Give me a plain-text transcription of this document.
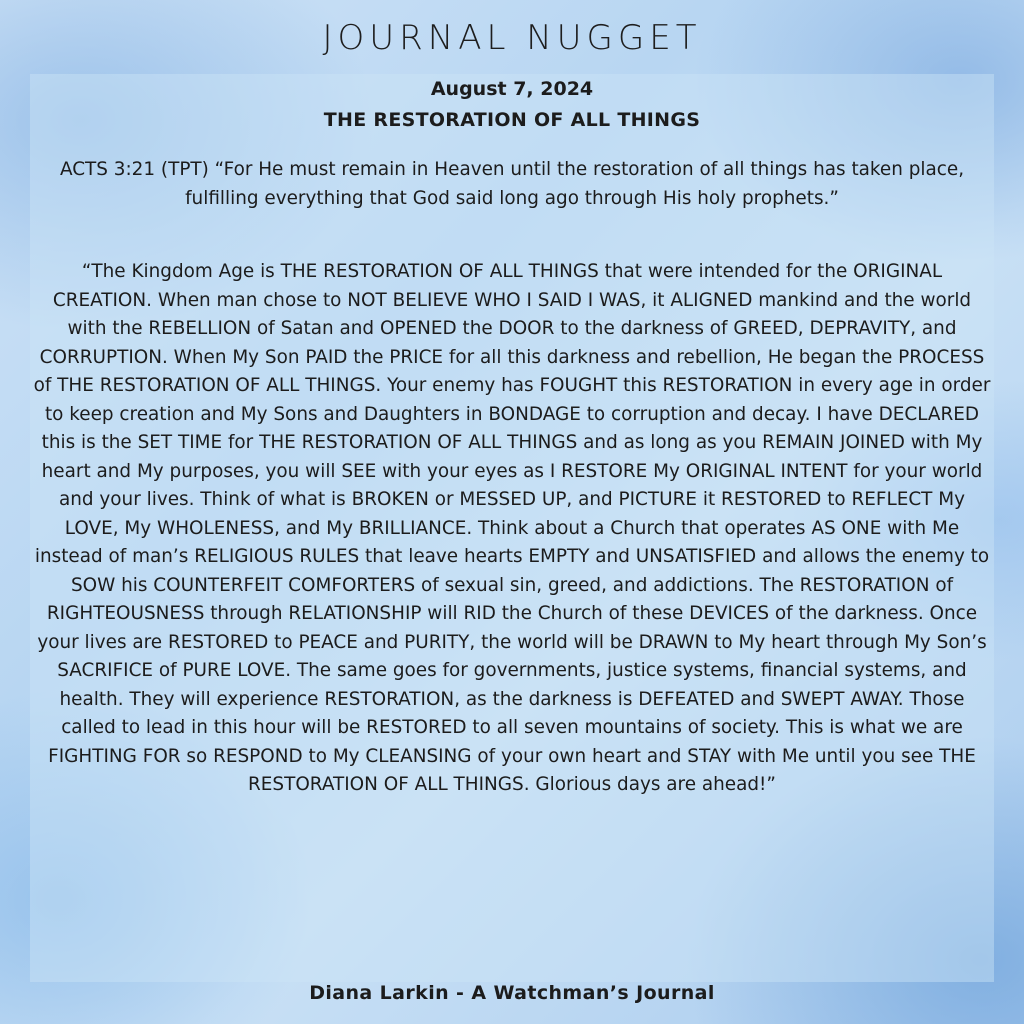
JOURNAL NUGGET

August 7, 2024

THE RESTORATION OF ALL THINGS

ACTS 3:21 (TPT) “For He must remain in Heaven until the restoration of all things has taken place, fulfilling everything that God said long ago through His holy prophets.”

“The Kingdom Age is THE RESTORATION OF ALL THINGS that were intended for the ORIGINAL CREATION. When man chose to NOT BELIEVE WHO I SAID I WAS, it ALIGNED mankind and the world with the REBELLION of Satan and OPENED the DOOR to the darkness of GREED, DEPRAVITY, and CORRUPTION. When My Son PAID the PRICE for all this darkness and rebellion, He began the PROCESS of THE RESTORATION OF ALL THINGS. Your enemy has FOUGHT this RESTORATION in every age in order to keep creation and My Sons and Daughters in BONDAGE to corruption and decay. I have DECLARED this is the SET TIME for THE RESTORATION OF ALL THINGS and as long as you REMAIN JOINED with My heart and My purposes, you will SEE with your eyes as I RESTORE My ORIGINAL INTENT for your world and your lives. Think of what is BROKEN or MESSED UP, and PICTURE it RESTORED to REFLECT My LOVE, My WHOLENESS, and My BRILLIANCE. Think about a Church that operates AS ONE with Me instead of man’s RELIGIOUS RULES that leave hearts EMPTY and UNSATISFIED and allows the enemy to SOW his COUNTERFEIT COMFORTERS of sexual sin, greed, and addictions. The RESTORATION of RIGHTEOUSNESS through RELATIONSHIP will RID the Church of these DEVICES of the darkness. Once your lives are RESTORED to PEACE and PURITY, the world will be DRAWN to My heart through My Son’s SACRIFICE of PURE LOVE. The same goes for governments, justice systems, financial systems, and health. They will experience RESTORATION, as the darkness is DEFEATED and SWEPT AWAY. Those called to lead in this hour will be RESTORED to all seven mountains of society. This is what we are FIGHTING FOR so RESPOND to My CLEANSING of your own heart and STAY with Me until you see THE RESTORATION OF ALL THINGS. Glorious days are ahead!”

Diana Larkin - A Watchman’s Journal
